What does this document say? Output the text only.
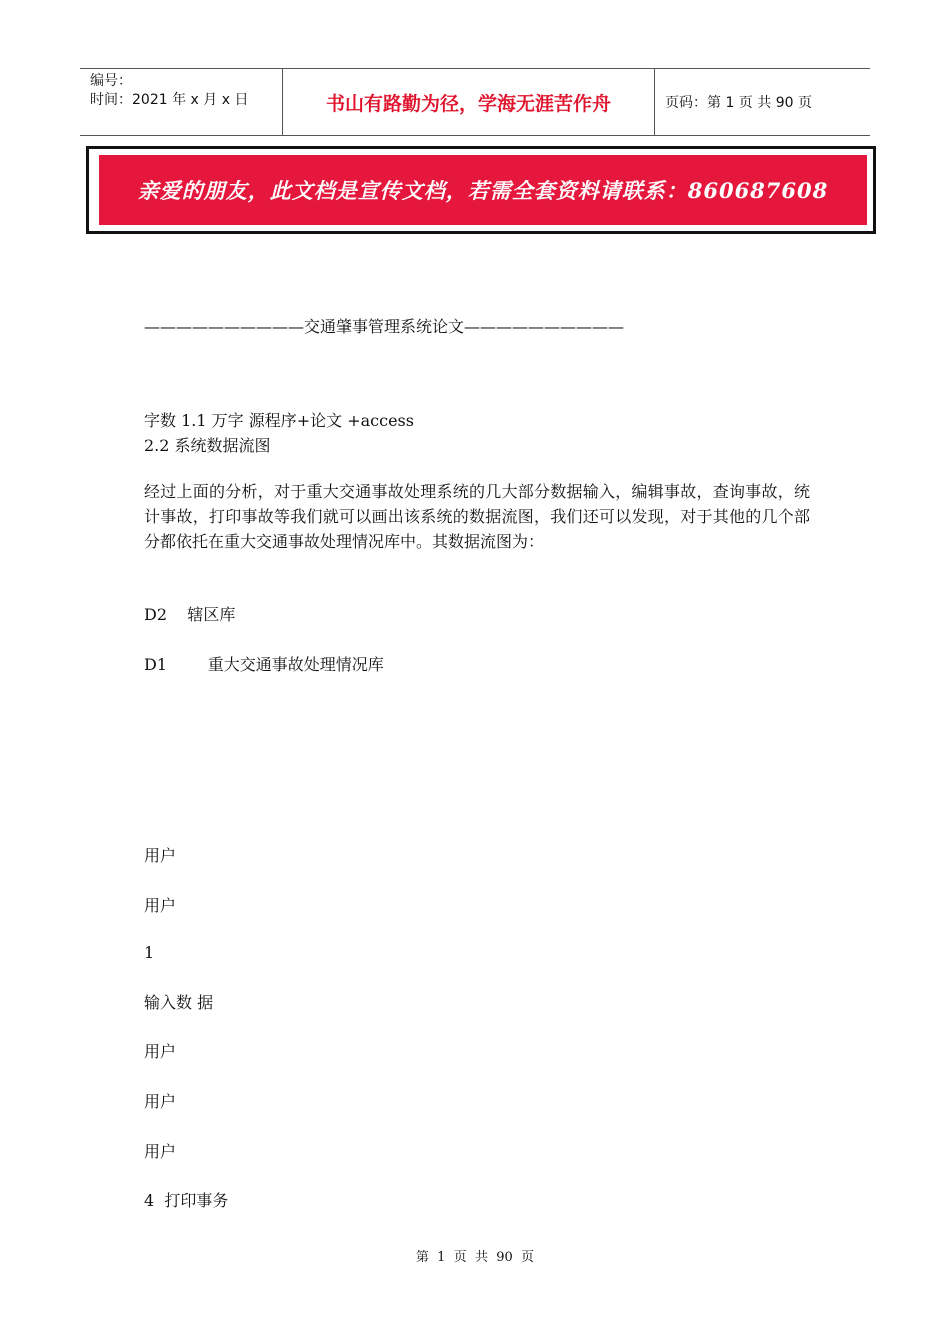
编号：
时间：2021 年 x 月 x 日	书山有路勤为径，学海无涯苦作舟	页码：第 1 页 共 90 页
亲爱的朋友，此文档是宣传文档，若需全套资料请联系：860687608
——————————交通肇事管理系统论文——————————
字数 1.1 万字 源程序+论文 +access
2.2 系统数据流图
经过上面的分析，对于重大交通事故处理系统的几大部分数据输入，编辑事故，查询事故，统计事故，打印事故等我们就可以画出该系统的数据流图，我们还可以发现，对于其他的几个部分都依托在重大交通事故处理情况库中。其数据流图为：
D2    辖区库
D1        重大交通事故处理情况库
用户
用户
1
输入数 据
用户
用户
用户
4  打印事务
第  1  页  共  90  页
